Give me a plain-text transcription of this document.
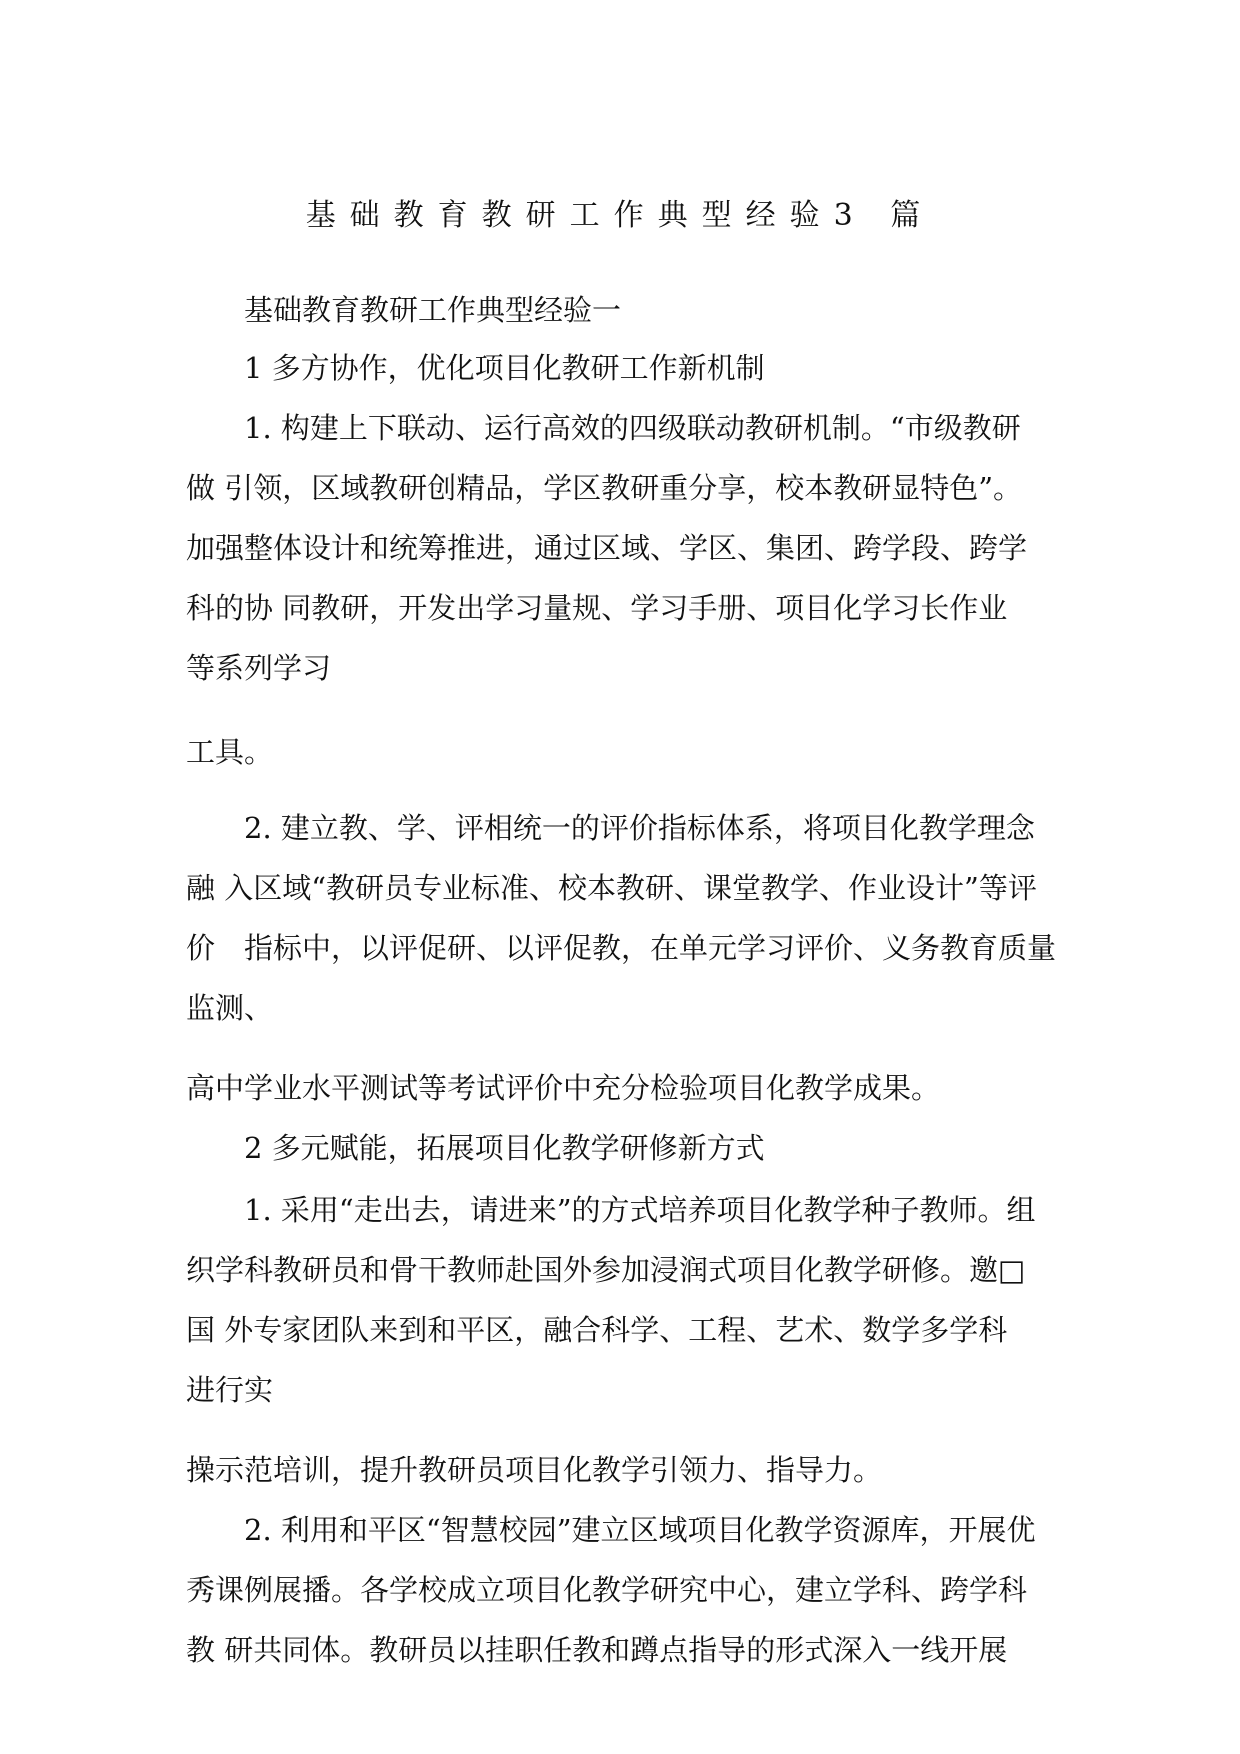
基础教育教研工作典型经验3 篇
基础教育教研工作典型经验一
1 多方协作，优化项目化教研工作新机制
1. 构建上下联动、运行高效的四级联动教研机制。“市级教研
做 引领，区域教研创精品，学区教研重分享，校本教研显特色”。
加强整体设计和统筹推进，通过区域、学区、集团、跨学段、跨学
科的协 同教研，开发出学习量规、学习手册、项目化学习长作业
等系列学习
工具。
2. 建立教、学、评相统一的评价指标体系，将项目化教学理念
融 入区域“教研员专业标准、校本教研、课堂教学、作业设计”等评
价　指标中，以评促研、以评促教，在单元学习评价、义务教育质量
监测、
高中学业水平测试等考试评价中充分检验项目化教学成果。
2 多元赋能，拓展项目化教学研修新方式
1. 采用“走出去，请进来”的方式培养项目化教学种子教师。组
织学科教研员和骨干教师赴国外参加浸润式项目化教学研修。邀□
国 外专家团队来到和平区，融合科学、工程、艺术、数学多学科
进行实
操示范培训，提升教研员项目化教学引领力、指导力。
2. 利用和平区“智慧校园”建立区域项目化教学资源库，开展优
秀课例展播。各学校成立项目化教学研究中心，建立学科、跨学科
教 研共同体。教研员以挂职任教和蹲点指导的形式深入一线开展
